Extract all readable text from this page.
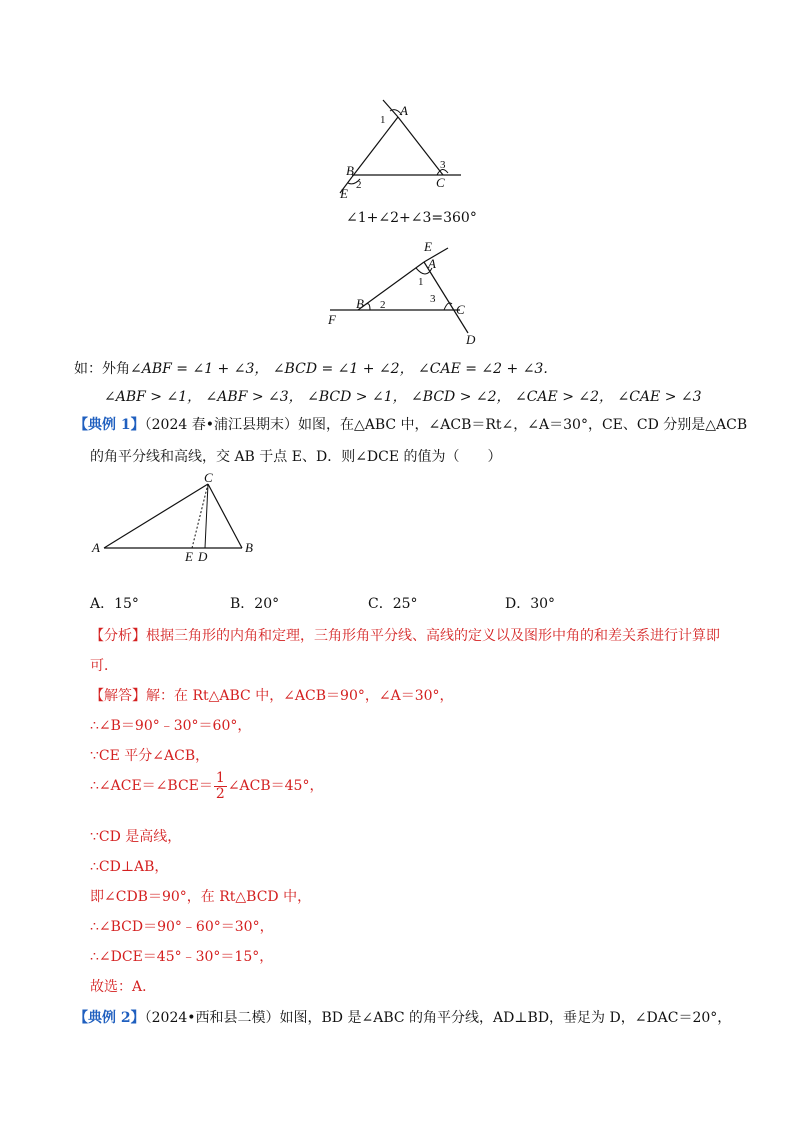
A
B
C
E
1
2
3
∠1+∠2+∠3=360°
E
A
B	C
D
F
1
2	3
如：外角∠ABF = ∠1 + ∠3， ∠BCD = ∠1 + ∠2， ∠CAE = ∠2 + ∠3.
∠ABF > ∠1， ∠ABF > ∠3， ∠BCD > ∠1， ∠BCD > ∠2， ∠CAE > ∠2， ∠CAE > ∠3
【典例 1】（2024 春•浦江县期末）如图，在△ABC 中，∠ACB＝Rt∠，∠A＝30°，CE、CD 分别是△ACB
的角平分线和高线，交 AB 于点 E、D．则∠DCE 的值为（　　）
A	B
C
D
E
A．15°	B．20°	C．25°	D．30°
【分析】根据三角形的内角和定理，三角形角平分线、高线的定义以及图形中角的和差关系进行计算即
可．
【解答】解：在 Rt△ABC 中，∠ACB＝90°，∠A＝30°，
∴∠B＝90°﹣30°＝60°，
∵CE 平分∠ACB，
∴∠ACE＝∠BCE＝ $\frac{1}{2}$ ∠ACB＝45°，
∵CD 是高线，
∴CD⊥AB，
即∠CDB＝90°，在 Rt△BCD 中，
∴∠BCD＝90°﹣60°＝30°，
∴∠DCE＝45°﹣30°＝15°，
故选：A．
【典例 2】（2024•西和县二模）如图，BD 是∠ABC 的角平分线，AD⊥BD，垂足为 D，∠DAC＝20°，
